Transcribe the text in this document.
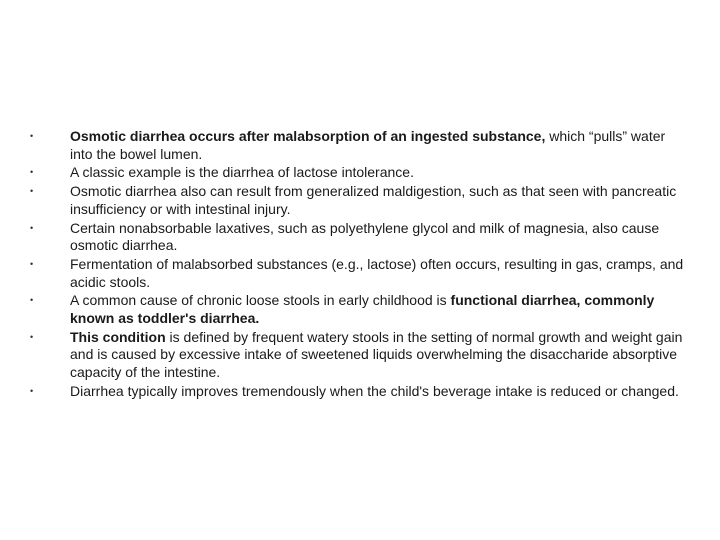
•	Osmotic diarrhea occurs after malabsorption of an ingested substance, which “pulls” water into the bowel lumen.
•	A classic example is the diarrhea of lactose intolerance.
•	Osmotic diarrhea also can result from generalized maldigestion, such as that seen with pancreatic insufficiency or with intestinal injury.
•	Certain nonabsorbable laxatives, such as polyethylene glycol and milk of magnesia, also cause osmotic diarrhea.
•	Fermentation of malabsorbed substances (e.g., lactose) often occurs, resulting in gas, cramps, and acidic stools.
•	A common cause of chronic loose stools in early childhood is functional diarrhea, commonly known as toddler's diarrhea.
•	This condition is defined by frequent watery stools in the setting of normal growth and weight gain and is caused by excessive intake of sweetened liquids overwhelming the disaccharide absorptive capacity of the intestine.
•	Diarrhea typically improves tremendously when the child's beverage intake is reduced or changed.
